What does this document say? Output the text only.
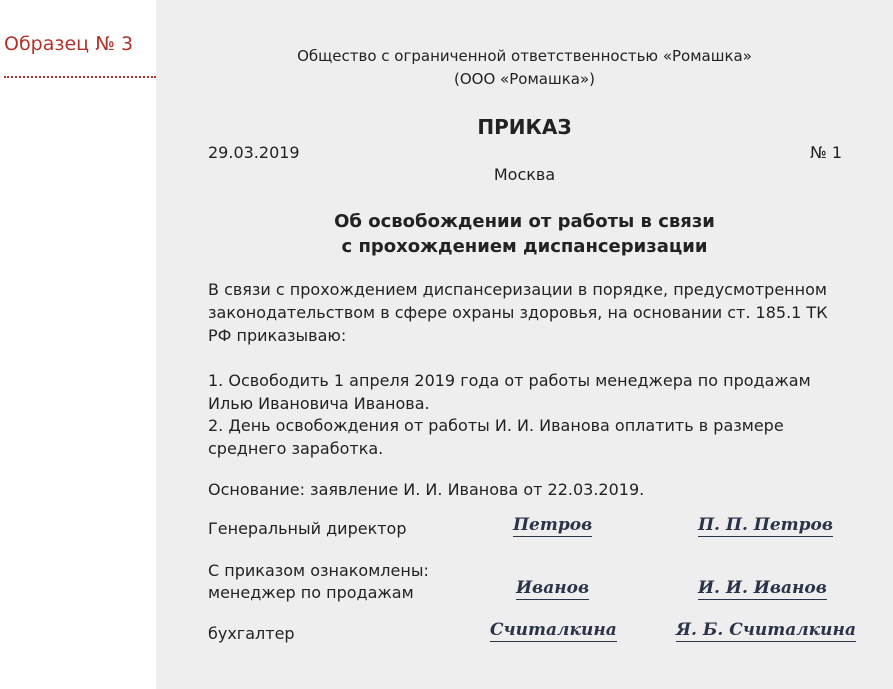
Образец № 3
Общество с ограниченной ответственностью «Ромашка»
(ООО «Ромашка»)
ПРИКАЗ
29.03.2019	№ 1
Москва
Об освобождении от работы в связи
с прохождением диспансеризации
В связи с прохождением диспансеризации в порядке, предусмотренном
законодательством в сфере охраны здоровья, на основании ст. 185.1 ТК
РФ приказываю:
1. Освободить 1 апреля 2019 года от работы менеджера по продажам
Илью Ивановича Иванова.
2. День освобождения от работы И. И. Иванова оплатить в размере
среднего заработка.
Основание: заявление И. И. Иванова от 22.03.2019.
Генеральный директор	Петров	П. П. Петров
С приказом ознакомлены:
менеджер по продажам	Иванов	И. И. Иванов
бухгалтер	Считалкина	Я. Б. Считалкина
